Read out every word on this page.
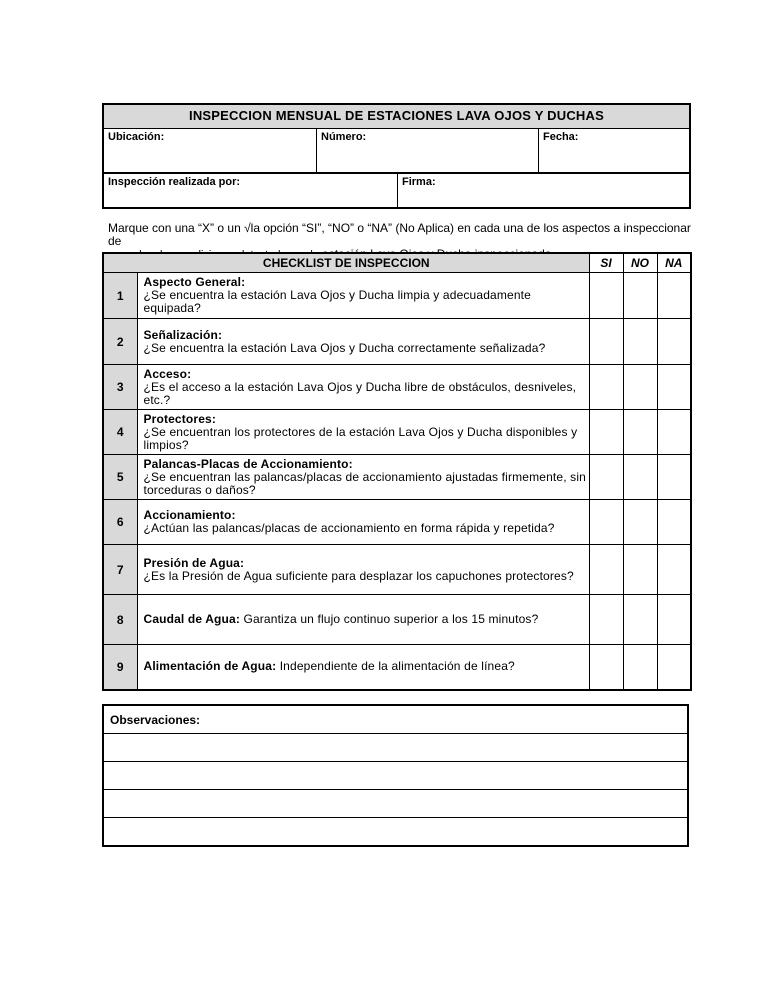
INSPECCION MENSUAL DE ESTACIONES LAVA OJOS Y DUCHAS
Ubicación:	Número:	Fecha:
Inspección realizada por:	Firma:
Marque con una “X” o un √la opción “SI”, “NO” o “NA” (No Aplica) en cada una de los aspectos a inspeccionar de
CHECKLIST DE INSPECCION		SI	NO	NA
1	Aspecto General:
¿Se encuentra la estación Lava Ojos y Ducha limpia y adecuadamente equipada?			
2	Señalización:
¿Se encuentra la estación Lava Ojos y Ducha correctamente señalizada?			
3	Acceso:
¿Es el acceso a la estación Lava Ojos y Ducha libre de obstáculos, desniveles, etc.?			
4	Protectores:
¿Se encuentran los protectores de la estación Lava Ojos y Ducha disponibles y limpios?			
5	Palancas-Placas de Accionamiento:
¿Se encuentran las palancas/placas de accionamiento ajustadas firmemente, sin torceduras o daños?			
6	Accionamiento:
¿Actúan las palancas/placas de accionamiento en forma rápida y repetida?			
7	Presión de Agua:
¿Es la Presión de Agua suficiente para desplazar los capuchones protectores?			
8	Caudal de Agua: Garantiza un flujo continuo superior a los 15 minutos?			
9	Alimentación de Agua: Independiente de la alimentación de línea?			
Observaciones:
